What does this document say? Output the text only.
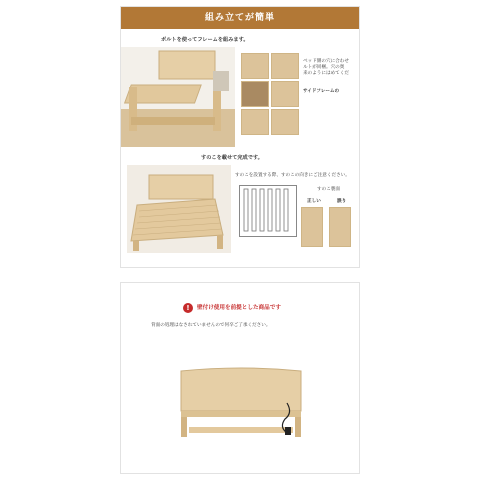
組み立てが簡単
ボルトを使ってフレームを組みます。
ベッド側の穴に合わせ
ルトが同梱。穴の奥
来のようにはめてくだ
サイドフレームの
すのこを載せて完成です。
すのこを設置する際、すのこの向きにご注意ください。
すのこ裏面
正しい	誤り
!	壁付け使用を前提とした商品です
背面の処理はなされていませんので何卒ご了承ください。
